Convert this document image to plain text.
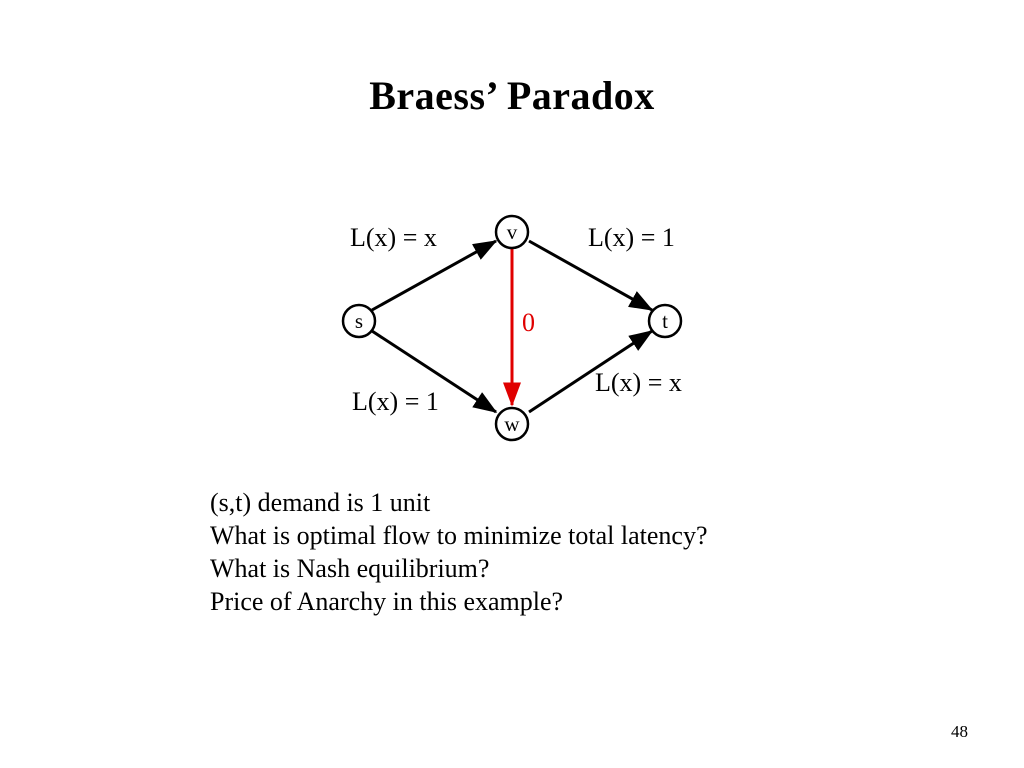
Braess’ Paradox
s
v
w
t
L(x) = x	L(x) = 1
L(x) = 1
L(x) = x
0
(s,t) demand is 1 unit
What is optimal flow to minimize total latency?
What is Nash equilibrium?
Price of Anarchy in this example?
48
